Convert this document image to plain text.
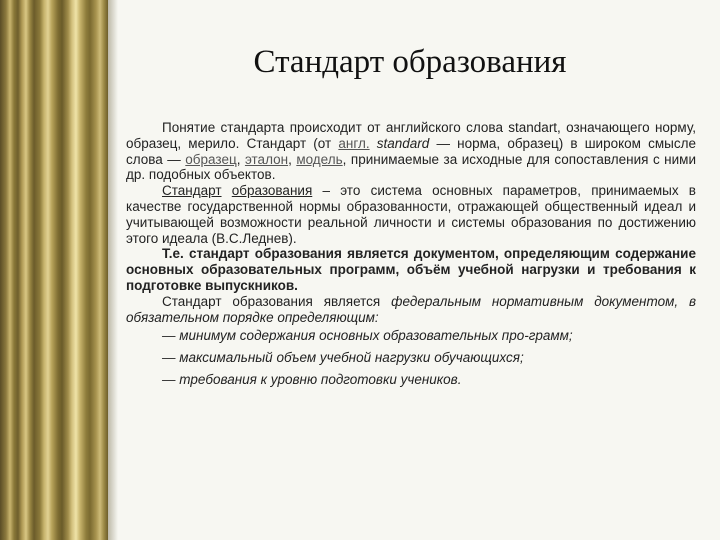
Стандарт образования

Понятие стандарта происходит от английского слова standart, означающего норму, образец, мерило. Стандарт (от англ. standard — норма, образец) в широком смысле слова — образец, эталон, модель, принимаемые за исходные для сопоставления с ними др. подобных объектов.

Стандарт образования – это система основных параметров, принимаемых в качестве государственной нормы образованности, отражающей общественный идеал и учитывающей возможности реальной личности и системы образования по достижению этого идеала (В.С.Леднев).

Т.е. стандарт образования является документом, определяющим содержание основных образовательных программ, объём учебной нагрузки и требования к подготовке выпускников.

Стандарт образования является федеральным нормативным документом, в обязательном порядке определяющим:

— минимум содержания основных образовательных про-грамм;

— максимальный объем учебной нагрузки обучающихся;

— требования к уровню подготовки учеников.
